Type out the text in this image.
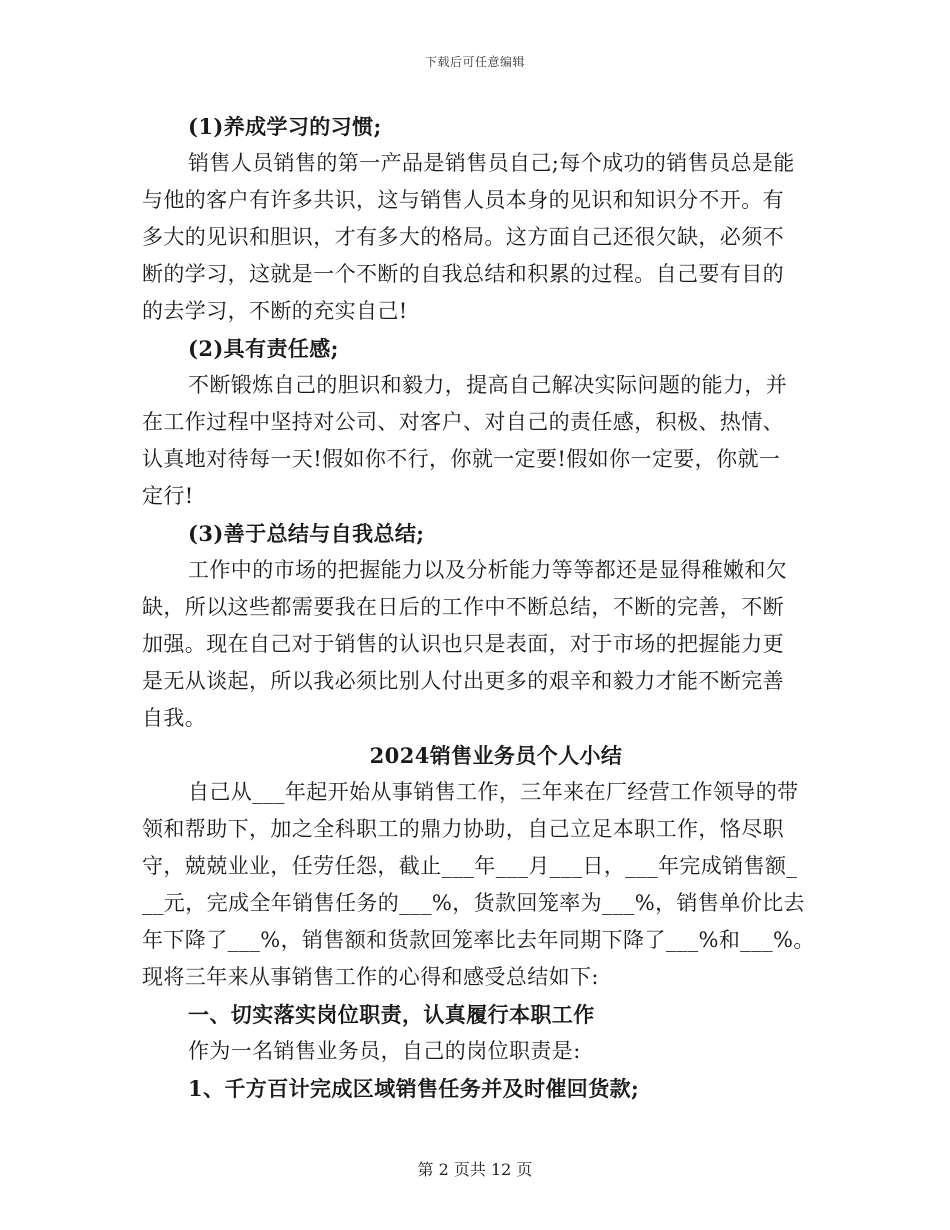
下载后可任意编辑

(1)养成学习的习惯;

销售人员销售的第一产品是销售员自己;每个成功的销售员总是能

与他的客户有许多共识，这与销售人员本身的见识和知识分不开。有

多大的见识和胆识，才有多大的格局。这方面自己还很欠缺，必须不

断的学习，这就是一个不断的自我总结和积累的过程。自己要有目的

的去学习，不断的充实自己!

(2)具有责任感;

不断锻炼自己的胆识和毅力，提高自己解决实际问题的能力，并

在工作过程中坚持对公司、对客户、对自己的责任感，积极、热情、

认真地对待每一天!假如你不行，你就一定要!假如你一定要，你就一

定行!

(3)善于总结与自我总结;

工作中的市场的把握能力以及分析能力等等都还是显得稚嫩和欠

缺，所以这些都需要我在日后的工作中不断总结，不断的完善，不断

加强。现在自己对于销售的认识也只是表面，对于市场的把握能力更

是无从谈起，所以我必须比别人付出更多的艰辛和毅力才能不断完善

自我。

2024销售业务员个人小结

自己从___年起开始从事销售工作，三年来在厂经营工作领导的带

领和帮助下，加之全科职工的鼎力协助，自己立足本职工作，恪尽职

守，兢兢业业，任劳任怨，截止___年___月___日，___年完成销售额_

__元，完成全年销售任务的___%，货款回笼率为___%，销售单价比去

年下降了___%，销售额和货款回笼率比去年同期下降了___%和___%。

现将三年来从事销售工作的心得和感受总结如下:

一、切实落实岗位职责，认真履行本职工作

作为一名销售业务员，自己的岗位职责是:

1、千方百计完成区域销售任务并及时催回货款;

第 2 页共 12 页
